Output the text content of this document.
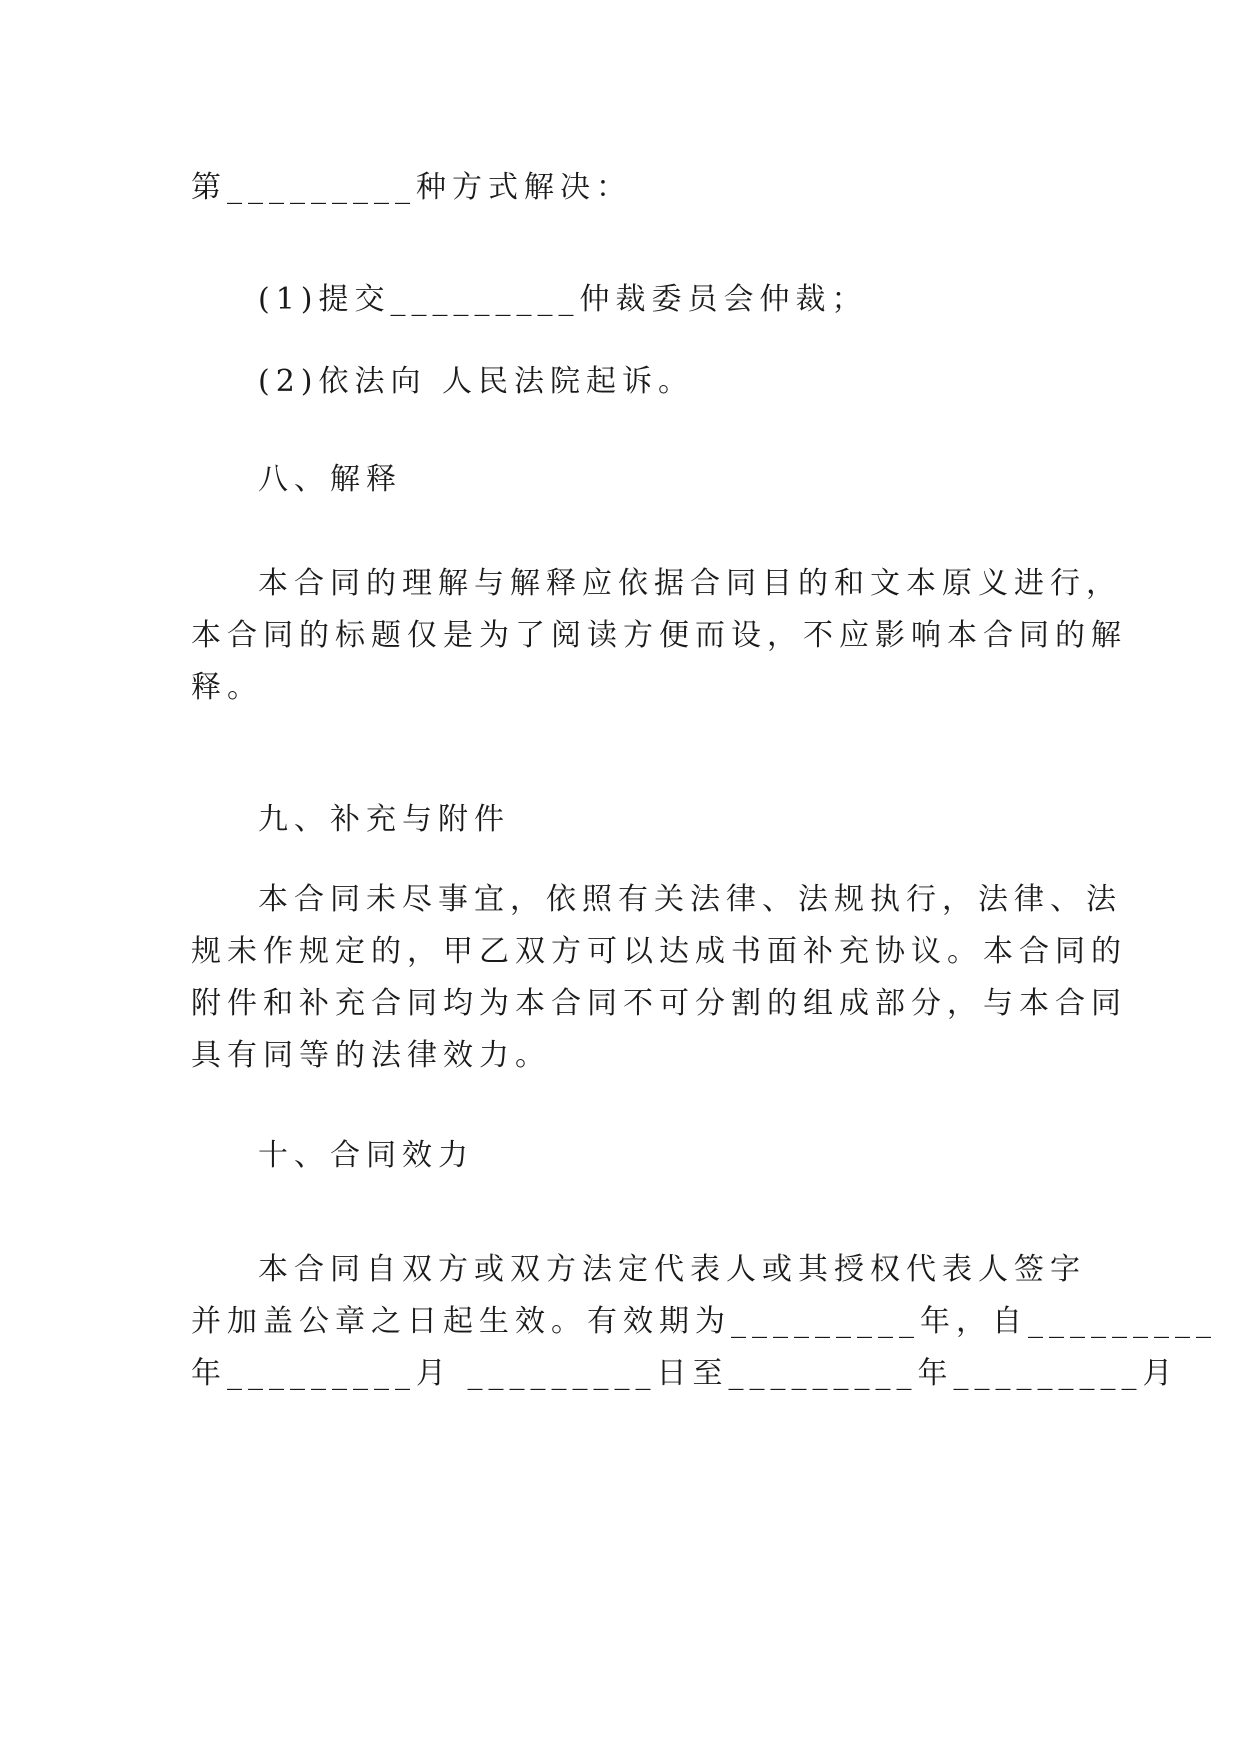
第_________种方式解决：
(1)提交_________仲裁委员会仲裁；
(2)依法向 人民法院起诉。
八、解释
本合同的理解与解释应依据合同目的和文本原义进行，
本合同的标题仅是为了阅读方便而设，不应影响本合同的解
释。
九、补充与附件
本合同未尽事宜，依照有关法律、法规执行，法律、法
规未作规定的，甲乙双方可以达成书面补充协议。本合同的
附件和补充合同均为本合同不可分割的组成部分，与本合同
具有同等的法律效力。
十、合同效力
本合同自双方或双方法定代表人或其授权代表人签字
并加盖公章之日起生效。有效期为_________年，自_________
年_________月 _________日至_________年_________月
